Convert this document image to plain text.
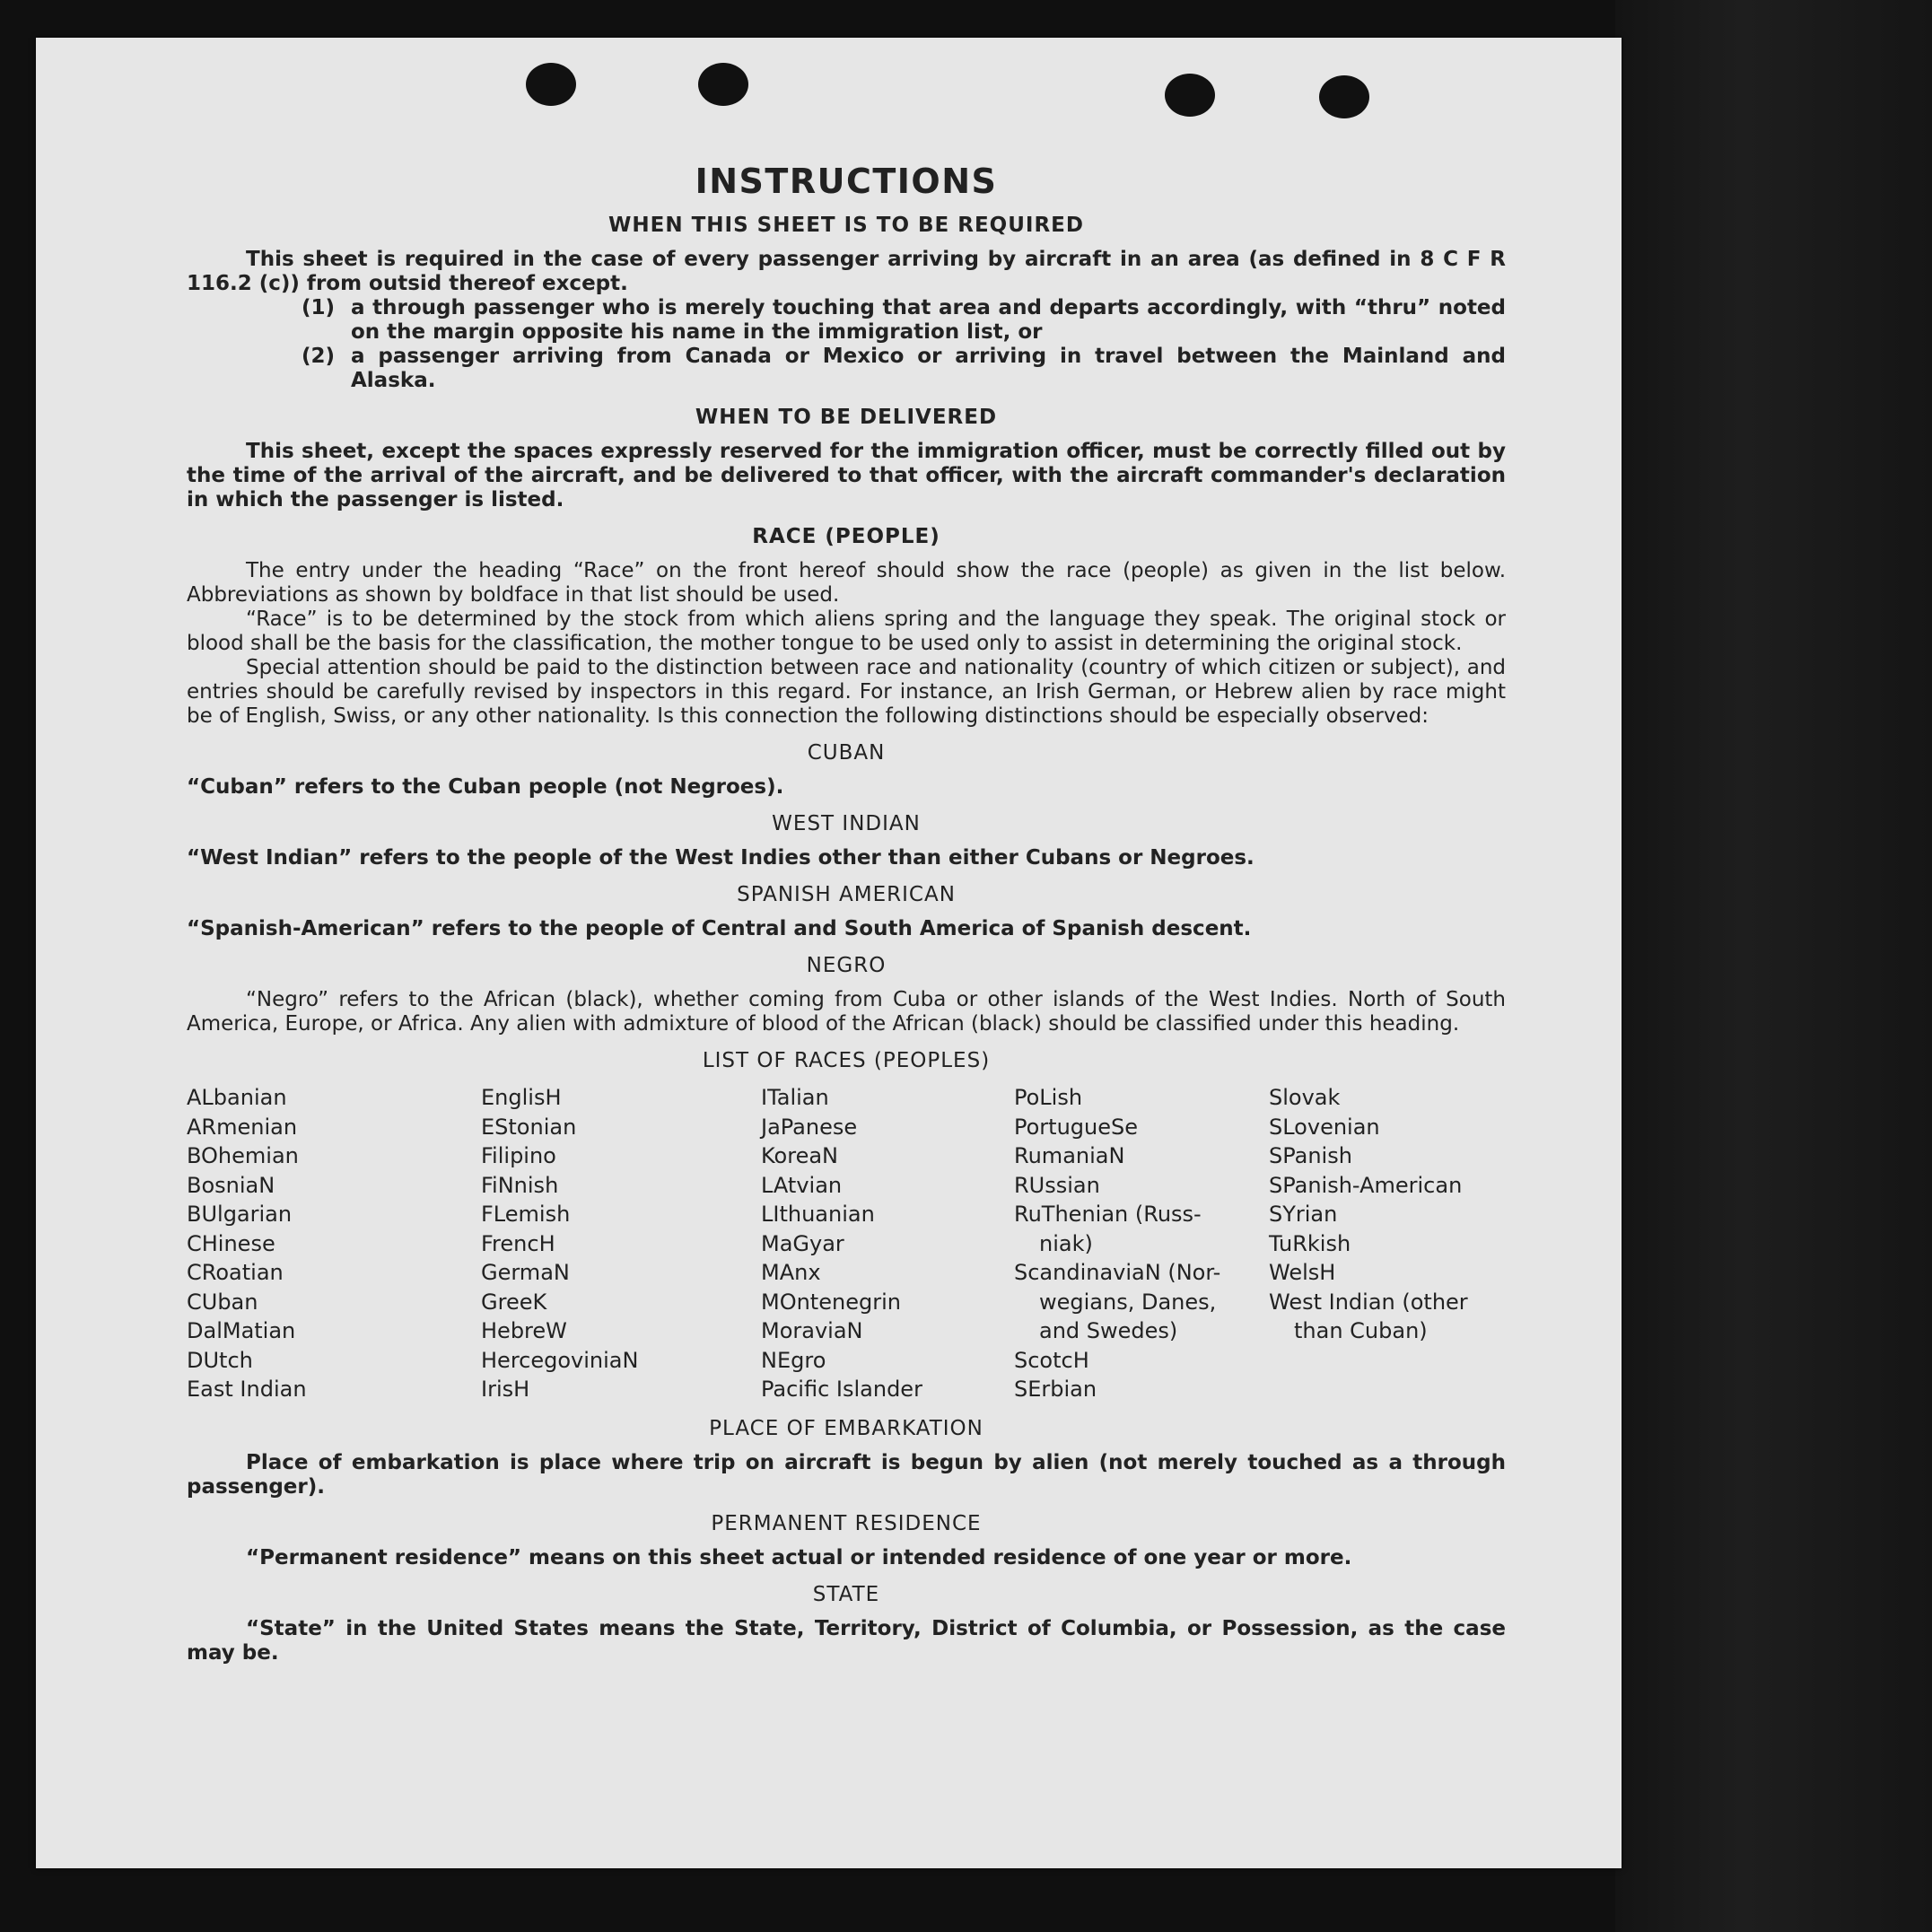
INSTRUCTIONS
WHEN THIS SHEET IS TO BE REQUIRED

This sheet is required in the case of every passenger arriving by aircraft in an area (as defined in 8 C F R 116.2 (c)) from outsid thereof except.

(1) a through passenger who is merely touching that area and departs accordingly, with “thru” noted on the margin opposite his name in the immigration list, or
(2) a passenger arriving from Canada or Mexico or arriving in travel between the Mainland and Alaska.
WHEN TO BE DELIVERED

This sheet, except the spaces expressly reserved for the immigration officer, must be correctly filled out by the time of the arrival of the aircraft, and be delivered to that officer, with the aircraft commander's declaration in which the passenger is listed.

RACE (PEOPLE)

The entry under the heading “Race” on the front hereof should show the race (people) as given in the list below. Abbreviations as shown by boldface in that list should be used.

“Race” is to be determined by the stock from which aliens spring and the language they speak. The original stock or blood shall be the basis for the classification, the mother tongue to be used only to assist in determining the original stock.

Special attention should be paid to the distinction between race and nationality (country of which citizen or subject), and entries should be carefully revised by inspectors in this regard. For instance, an Irish German, or Hebrew alien by race might be of English, Swiss, or any other nationality. Is this connection the following distinctions should be especially observed:

CUBAN

“Cuban” refers to the Cuban people (not Negroes).

WEST INDIAN

“West Indian” refers to the people of the West Indies other than either Cubans or Negroes.

SPANISH AMERICAN

“Spanish-American” refers to the people of Central and South America of Spanish descent.

NEGRO

“Negro” refers to the African (black), whether coming from Cuba or other islands of the West Indies. North of South America, Europe, or Africa. Any alien with admixture of blood of the African (black) should be classified under this heading.

LIST OF RACES (PEOPLES)
ALbanian
ARmenian
BOhemian
BosniaN
BUlgarian
CHinese
CRoatian
CUban
DalMatian
DUtch
East Indian
EnglisH
EStonian
Filipino
FiNnish
FLemish
FrencH
GermaN
GreeK
HebreW
HercegoviniaN
IrisH
ITalian
JaPanese
KoreaN
LAtvian
LIthuanian
MaGyar
MAnx
MOntenegrin
MoraviaN
NEgro
Pacific Islander
PoLish
PortugueSe
RumaniaN
RUssian
RuThenian (Russ-
niak)
ScandinaviaN (Nor-
wegians, Danes,
and Swedes)
ScotcH
SErbian
Slovak
SLovenian
SPanish
SPanish-American
SYrian
TuRkish
WelsH
West Indian (other
than Cuban)
PLACE OF EMBARKATION

Place of embarkation is place where trip on aircraft is begun by alien (not merely touched as a through passenger).

PERMANENT RESIDENCE

“Permanent residence” means on this sheet actual or intended residence of one year or more.

STATE

“State” in the United States means the State, Territory, District of Columbia, or Possession, as the case may be.
